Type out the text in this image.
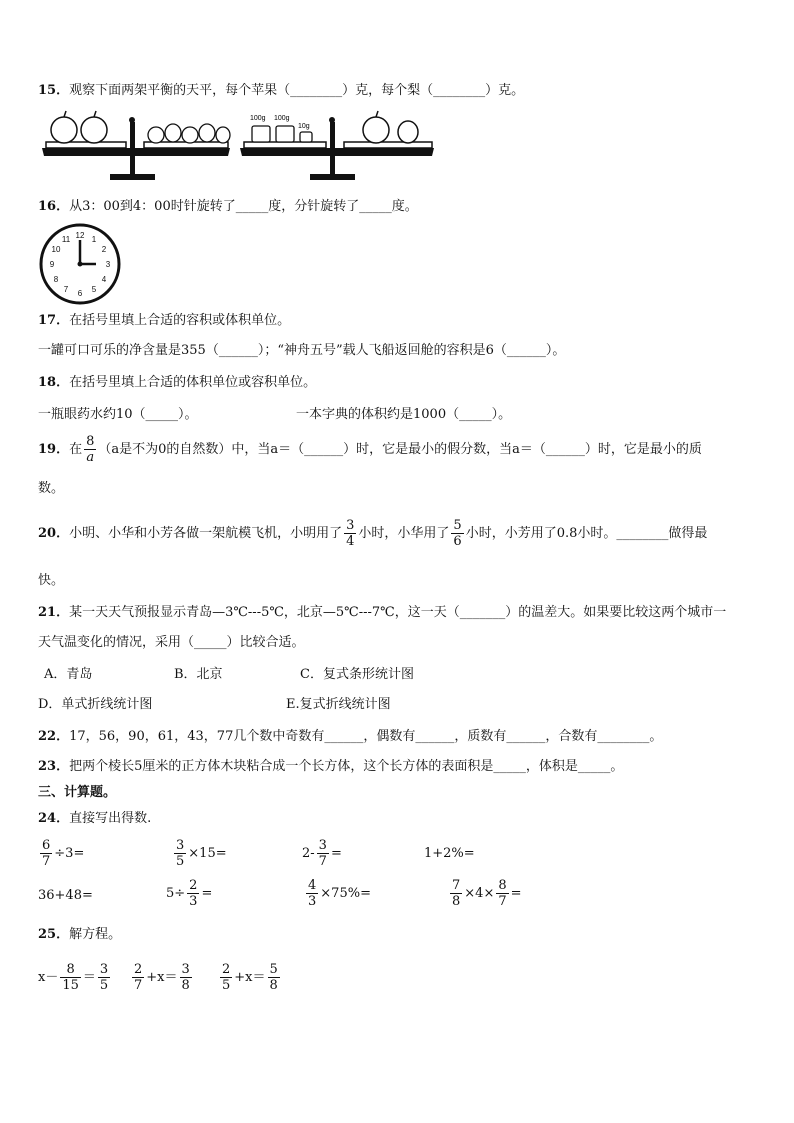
15．观察下面两架平衡的天平，每个苹果（________）克，每个梨（________）克。
100g 100g
10g
16．从3：00到4：00时针旋转了_____度，分针旋转了_____度。
12 1
2
3
4
5
6
7
8
9
10
11
17．在括号里填上合适的容积或体积单位。
一罐可口可乐的净含量是355（______）；“神舟五号”载人飞船返回舱的容积是6（______）。
18．在括号里填上合适的体积单位或容积单位。
一瓶眼药水约10（_____）。	一本字典的体积约是1000（_____）。
19．在 $\frac{8}{a} (a$是不为0的自然数）中，当a＝（______）时，它是最小的假分数，当a＝（______）时，它是最小的质
数。
20．小明、小华和小芳各做一架航模飞机，小明用了 $\frac{3}{4}$ 小时，小华用了 $\frac{5}{6}$ 小时，小芳用了0.8小时。________做得最
快。
21．某一天天气预报显示青岛—3℃---5℃，北京—5℃---7℃，这一天（_______）的温差大。如果要比较这两个城市一
天气温变化的情况，采用（_____）比较合适。
A．青岛	B．北京	C．复式条形统计图
D．单式折线统计图	E.复式折线统计图
22．17，56，90，61，43，77几个数中奇数有______，偶数有______，质数有______，合数有________。
23．把两个棱长5厘米的正方体木块粘合成一个长方体，这个长方体的表面积是_____，体积是_____。
三、计算题。
24．直接写出得数.
$\frac{6}{7} \div 3=$	$\frac{3}{5} \times 15=$	$2- \frac{3}{7}$ =	1+2%=
36+48=	$5\div \frac{2}{3}$ =	$\frac{4}{3} \times 75\%=$	$\frac{7}{8} \times 4\times \frac{8}{7}$ =
25．解方程。
$x- \frac{8}{15} = \frac{3}{5} \frac{2}{7} +x= \frac{3}{8} \frac{2}{5} +x= \frac{5}{8}$
